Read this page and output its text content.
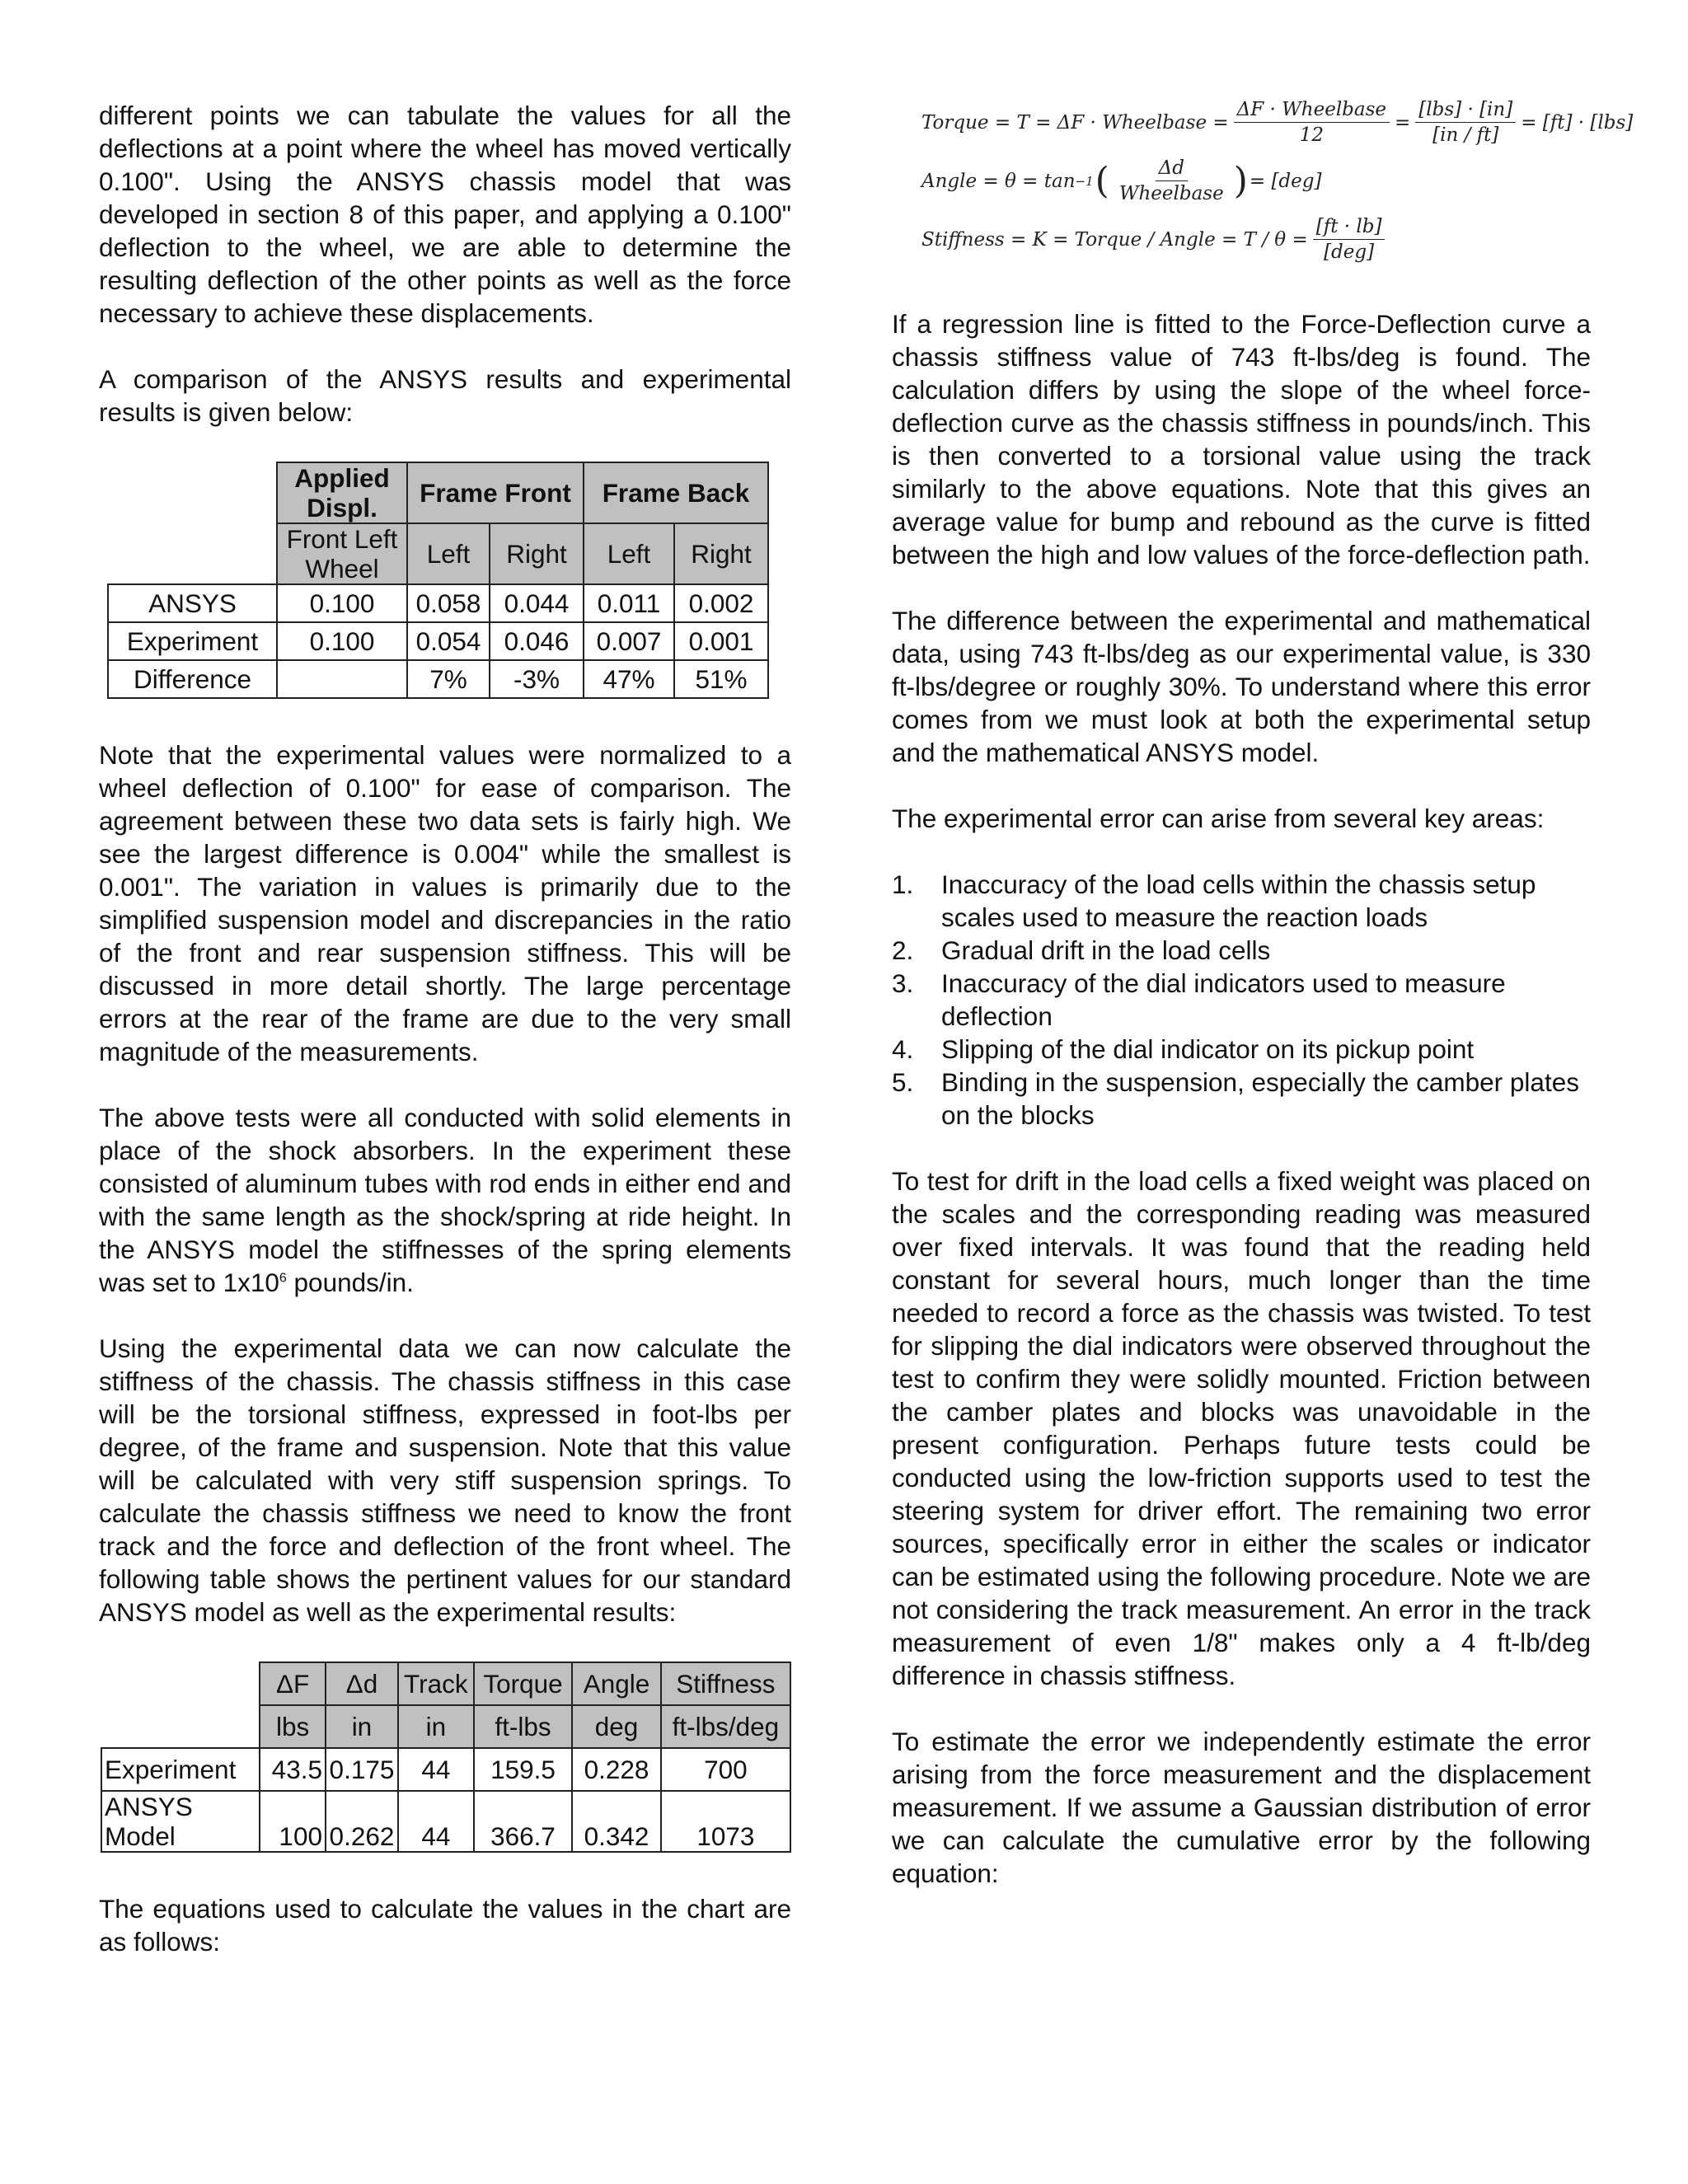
different points we can tabulate the values for all the deflections at a point where the wheel has moved vertically 0.100". Using the ANSYS chassis model that was developed in section 8 of this paper, and applying a 0.100" deflection to the wheel, we are able to determine the resulting deflection of the other points as well as the force necessary to achieve these displacements.

A comparison of the ANSYS results and experimental results is given below:

	Applied Displ.	Frame Front		Frame Back	
	Front Left Wheel	Left	Right	Left	Right
ANSYS	0.100	0.058	0.044	0.011	0.002
Experiment	0.100	0.054	0.046	0.007	0.001
Difference		7%	-3%	47%	51%

Note that the experimental values were normalized to a wheel deflection of 0.100" for ease of comparison. The agreement between these two data sets is fairly high. We see the largest difference is 0.004" while the smallest is 0.001". The variation in values is primarily due to the simplified suspension model and discrepancies in the ratio of the front and rear suspension stiffness. This will be discussed in more detail shortly. The large percentage errors at the rear of the frame are due to the very small magnitude of the measurements.

The above tests were all conducted with solid elements in place of the shock absorbers. In the experiment these consisted of aluminum tubes with rod ends in either end and with the same length as the shock/spring at ride height. In the ANSYS model the stiffnesses of the spring elements was set to $1x10^6$ pounds/in.

Using the experimental data we can now calculate the stiffness of the chassis. The chassis stiffness in this case will be the torsional stiffness, expressed in foot-lbs per degree, of the frame and suspension. Note that this value will be calculated with very stiff suspension springs. To calculate the chassis stiffness we need to know the front track and the force and deflection of the front wheel. The following table shows the pertinent values for our standard ANSYS model as well as the experimental results:

	ΔF	Δd	Track	Torque	Angle	Stiffness
	lbs	in	in	ft-lbs	deg	ft-lbs/deg
Experiment	43.5	0.175	44	159.5	0.228	700
ANSYS Model	100	0.262	44	366.7	0.342	1073

The equations used to calculate the values in the chart are as follows:

Torque = T = ΔF · Wheelbase = $\frac{\text{ΔF · Wheelbase}}{12} = \frac{\text{[lbs] · [in]}}{[in / ft]} = [ft] \cdot [lbs]$
Angle = θ = tan −1 ( $\frac{\Delta d}{\text{Wheelbase}}$ ) = [deg]
Stiffness = K = Torque / Angle = $T / \theta = \frac{[ft \cdot lb]}{\text{[deg]}}$

If a regression line is fitted to the Force-Deflection curve a chassis stiffness value of 743 ft-lbs/deg is found. The calculation differs by using the slope of the wheel force-deflection curve as the chassis stiffness in pounds/inch. This is then converted to a torsional value using the track similarly to the above equations. Note that this gives an average value for bump and rebound as the curve is fitted between the high and low values of the force-deflection path.

The difference between the experimental and mathematical data, using 743 ft-lbs/deg as our experimental value, is 330 ft-lbs/degree or roughly 30%. To understand where this error comes from we must look at both the experimental setup and the mathematical ANSYS model.

The experimental error can arise from several key areas:

1.	Inaccuracy of the load cells within the chassis setup scales used to measure the reaction loads
2.	Gradual drift in the load cells
3.	Inaccuracy of the dial indicators used to measure deflection
4.	Slipping of the dial indicator on its pickup point
5.	Binding in the suspension, especially the camber plates on the blocks

To test for drift in the load cells a fixed weight was placed on the scales and the corresponding reading was measured over fixed intervals. It was found that the reading held constant for several hours, much longer than the time needed to record a force as the chassis was twisted. To test for slipping the dial indicators were observed throughout the test to confirm they were solidly mounted. Friction between the camber plates and blocks was unavoidable in the present configuration. Perhaps future tests could be conducted using the low-friction supports used to test the steering system for driver effort. The remaining two error sources, specifically error in either the scales or indicator can be estimated using the following procedure. Note we are not considering the track measurement. An error in the track measurement of even 1/8" makes only a 4 ft-lb/deg difference in chassis stiffness.

To estimate the error we independently estimate the error arising from the force measurement and the displacement measurement. If we assume a Gaussian distribution of error we can calculate the cumulative error by the following equation:
